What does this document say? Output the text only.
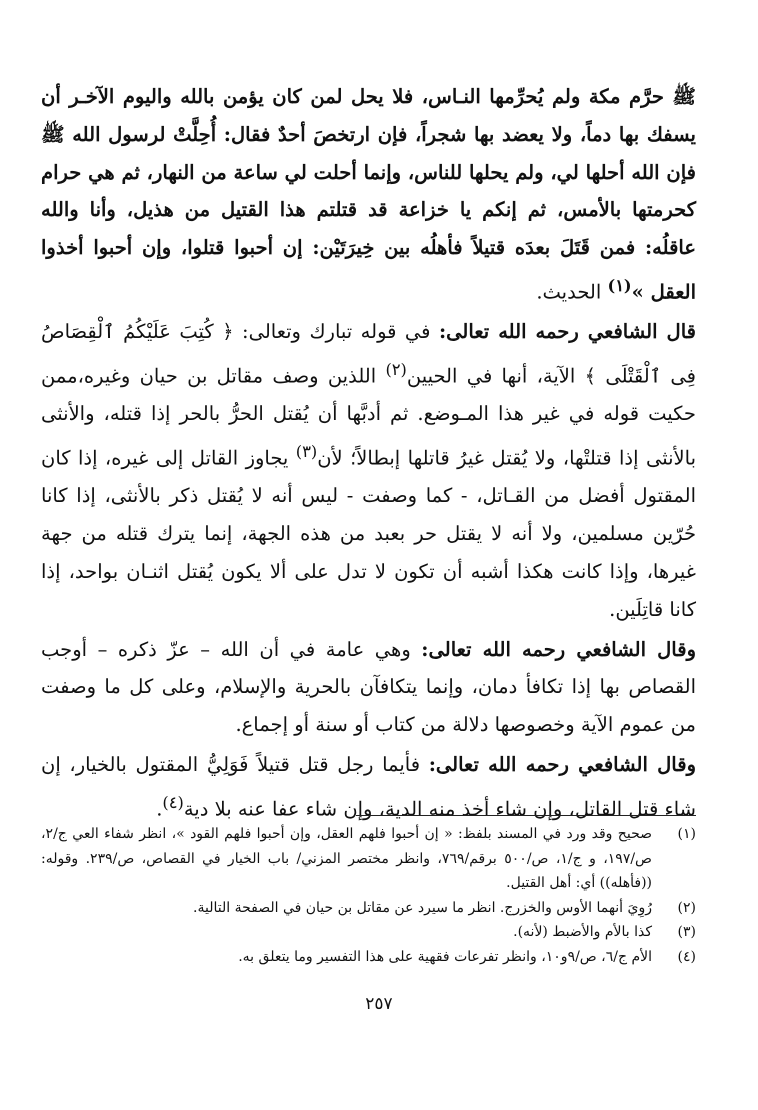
ﷺ حرَّم مكة ولم يُحرِّمها النـاس، فلا يحل لمن كان يؤمن بالله واليوم الآخـر أن يسفك بها دماً، ولا يعضد بها شجراً، فإن ارتخصَ أحدٌ فقال: أُحِلَّتْ لرسول الله ﷺ فإن الله أحلها لي، ولم يحلها للناس، وإنما أحلت لي ساعة من النهار، ثم هي حرام كحرمتها بالأمس، ثم إنكم يا خزاعة قد قتلتم هذا القتيل من هذيل، وأنا والله عاقلُه: فمن قَتَلَ بعدَه قتيلاً فأهلُه بين خِيرَتَيْن: إن أحبوا قتلوا، وإن أحبوا أخذوا العقل »$^{(١)}$ الحديث.

قال الشافعي رحمه الله تعالى: في قوله تبارك وتعالى: ﴿ كُتِبَ عَلَيْكُمُ ٱلْقِصَاصُ فِى ٱلْقَتْلَى ﴾ الآية، أنها في الحيين$^{(٢)}$ اللذين وصف مقاتل بن حيان وغيره،ممن حكيت قوله في غير هذا المـوضع. ثم أدبَّها أن يُقتل الحرُّ بالحر إذا قتله، والأنثى بالأنثى إذا قتلتْها، ولا يُقتل غيرُ قاتلها إبطالاً؛ لأن$^{(٣)}$ يجاوز القاتل إلى غيره، إذا كان المقتول أفضل من القـاتل، - كما وصفت - ليس أنه لا يُقتل ذكر بالأنثى، إذا كانا حُرّين مسلمين، ولا أنه لا يقتل حر بعبد من هذه الجهة، إنما يترك قتله من جهة غيرها، وإذا كانت هكذا أشبه أن تكون لا تدل على ألا يكون يُقتل اثنـان بواحد، إذا كانا قاتِلَين.

وقال الشافعي رحمه الله تعالى: وهي عامة في أن الله – عزّ ذكره – أوجب القصاص بها إذا تكافأ دمان، وإنما يتكافآن بالحرية والإسلام، وعلى كل ما وصفت من عموم الآية وخصوصها دلالة من كتاب أو سنة أو إجماع.

وقال الشافعي رحمه الله تعالى: فأيما رجل قتل قتيلاً فَوَلِيُّ المقتول بالخيار، إن شاء قتل القاتل، وإن شاء أخذ منه الدية، وإن شاء عفا عنه بلا دية$^{(٤)}$.

(١)
صحيح وقد ورد في المسند بلفظ: « إن أحبوا فلهم العقل، وإن أحبوا فلهم القود »، انظر شفاء العي ج/٢، ص/١٩٧، و ج/١، ص/٥٠٠ برقم/٧٦٩، وانظر مختصر المزني/ باب الخيار في القصاص، ص/٢٣٩. وقوله: ((فأهله)) أي: أهل القتيل.
(٢)
رُوِيَ أنهما الأوس والخزرج. انظر ما سيرد عن مقاتل بن حيان في الصفحة التالية.
(٣)
كذا بالأم والأضبط (لأنه).
(٤)
الأم ج/٦، ص/٩و١٠، وانظر تفرعات فقهية على هذا التفسير وما يتعلق به.
٢٥٧
